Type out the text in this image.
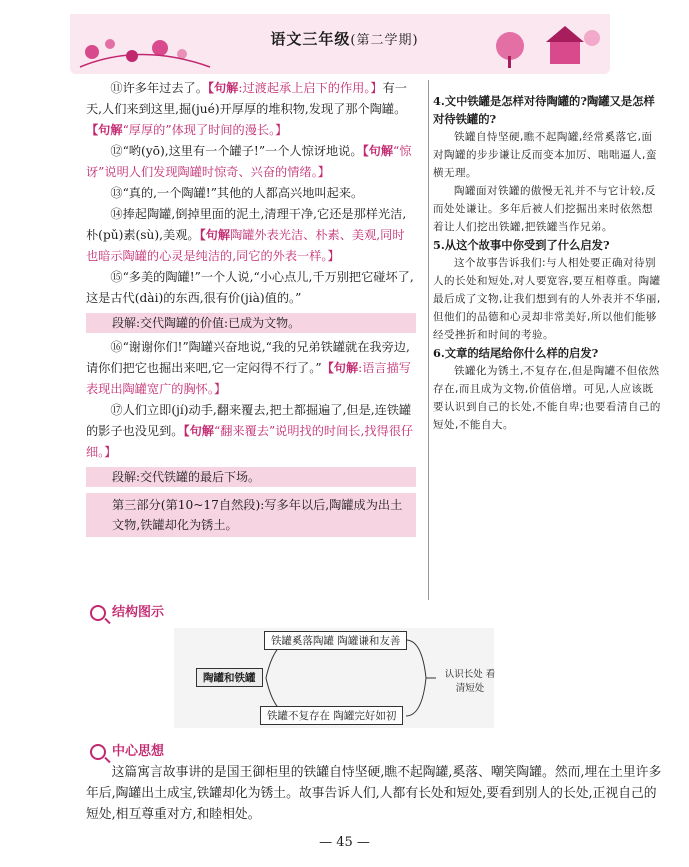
语文三年级(第二学期)

⑪许多年过去了。【句解:过渡起承上启下的作用。】有一天,人们来到这里,掘(jué)开厚厚的堆积物,发现了那个陶罐。【句解“厚厚的”体现了时间的漫长。】

⑫“哟(yō),这里有一个罐子!”一个人惊讶地说。【句解“惊讶”说明人们发现陶罐时惊奇、兴奋的情绪。】

⑬“真的,一个陶罐!”其他的人都高兴地叫起来。

⑭捧起陶罐,倒掉里面的泥土,清理干净,它还是那样光洁,朴(pǔ)素(sù),美观。【句解陶罐外表光洁、朴素、美观,同时也暗示陶罐的心灵是纯洁的,同它的外表一样。】

⑮“多美的陶罐!”一个人说,“小心点儿,千万别把它碰坏了,这是古代(dài)的东西,很有价(jià)值的。”

段解:交代陶罐的价值:已成为文物。

⑯“谢谢你们!”陶罐兴奋地说,“我的兄弟铁罐就在我旁边,请你们把它也掘出来吧,它一定闷得不行了。”【句解:语言描写表现出陶罐宽广的胸怀。】

⑰人们立即(jí)动手,翻来覆去,把土都掘遍了,但是,连铁罐的影子也没见到。【句解“翻来覆去”说明找的时间长,找得很仔细。】

段解:交代铁罐的最后下场。
第三部分(第10~17自然段):写多年以后,陶罐成为出土文物,铁罐却化为锈土。

4.文中铁罐是怎样对待陶罐的?陶罐又是怎样对待铁罐的?

铁罐自恃坚硬,瞧不起陶罐,经常奚落它,面对陶罐的步步谦让反而变本加厉、咄咄逼人,蛮横无理。

陶罐面对铁罐的傲慢无礼并不与它计较,反而处处谦让。多年后被人们挖掘出来时依然想着让人们挖出铁罐,把铁罐当作兄弟。

5.从这个故事中你受到了什么启发?

这个故事告诉我们:与人相处要正确对待别人的长处和短处,对人要宽容,要互相尊重。陶罐最后成了文物,让我们想到有的人外表并不华丽,但他们的品德和心灵却非常美好,所以他们能够经受挫折和时间的考验。

6.文章的结尾给你什么样的启发?

铁罐化为锈土,不复存在,但是陶罐不但依然存在,而且成为文物,价值倍增。可见,人应该既要认识到自己的长处,不能自卑;也要看清自己的短处,不能自大。

结构图示
陶罐和铁罐
铁罐奚落陶罐 陶罐谦和友善
铁罐不复存在 陶罐完好如初
认识长处 看清短处
中心思想

这篇寓言故事讲的是国王御柜里的铁罐自恃坚硬,瞧不起陶罐,奚落、嘲笑陶罐。然而,埋在土里许多年后,陶罐出土成宝,铁罐却化为锈土。故事告诉人们,人都有长处和短处,要看到别人的长处,正视自己的短处,相互尊重对方,和睦相处。

— 45 —
